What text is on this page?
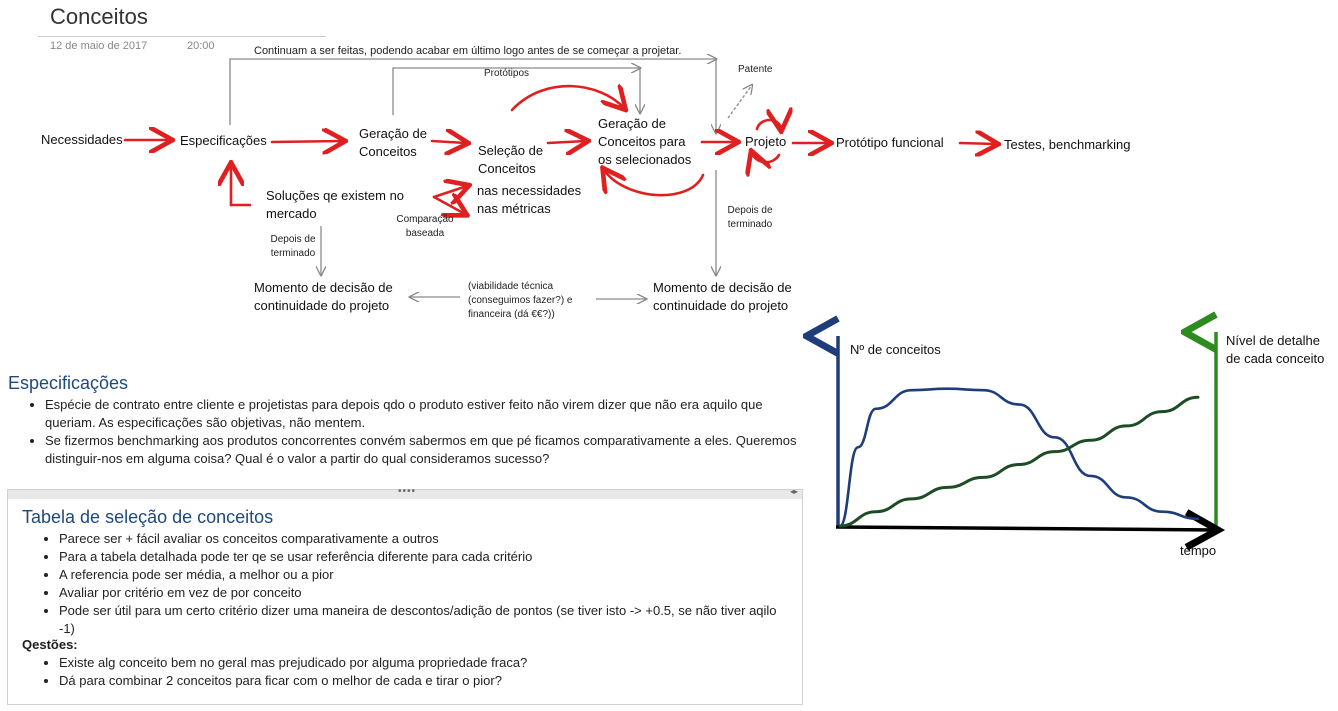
Conceitos
12 de maio de 2017	20:00	Continuam a ser feitas, podendo acabar em último logo antes de se começar a projetar.
Protótipos	Patente
Necessidades	Especificações	Geração de Conceitos	Seleção de Conceitos
Geração de Conceitos para os selecionados
Projeto	Protótipo funcional	Testes, benchmarking
Soluções qe existem no mercado
nas necessidades
nas métricas
Comparação baseada
Depois de terminado
Depois de terminado
Momento de decisão de continuidade do projeto
(viabilidade técnica (conseguimos fazer?) e financeira (dá €€?))
Momento de decisão de continuidade do projeto
Especificações
• Espécie de contrato entre cliente e projetistas para depois qdo o produto estiver feito não virem dizer que não era aquilo que queriam. As especificações são objetivas, não mentem.
• Se fizermos benchmarking aos produtos concorrentes convém sabermos em que pé ficamos comparativamente a eles. Queremos distinguir-nos em alguma coisa? Qual é o valor a partir do qual consideramos sucesso?
••••	◂▸
Tabela de seleção de conceitos
• Parece ser + fácil avaliar os conceitos comparativamente a outros
• Para a tabela detalhada pode ter qe se usar referência diferente para cada critério
• A referencia pode ser média, a melhor ou a pior
• Avaliar por critério em vez de por conceito
• Pode ser útil para um certo critério dizer uma maneira de descontos/adição de pontos (se tiver isto -> +0.5, se não tiver aqilo -1)
Qestões:
• Existe alg conceito bem no geral mas prejudicado por alguma propriedade fraca?
• Dá para combinar 2 conceitos para ficar com o melhor de cada e tirar o pior?
Nº de conceitos
Nível de detalhe de cada conceito
tempo
